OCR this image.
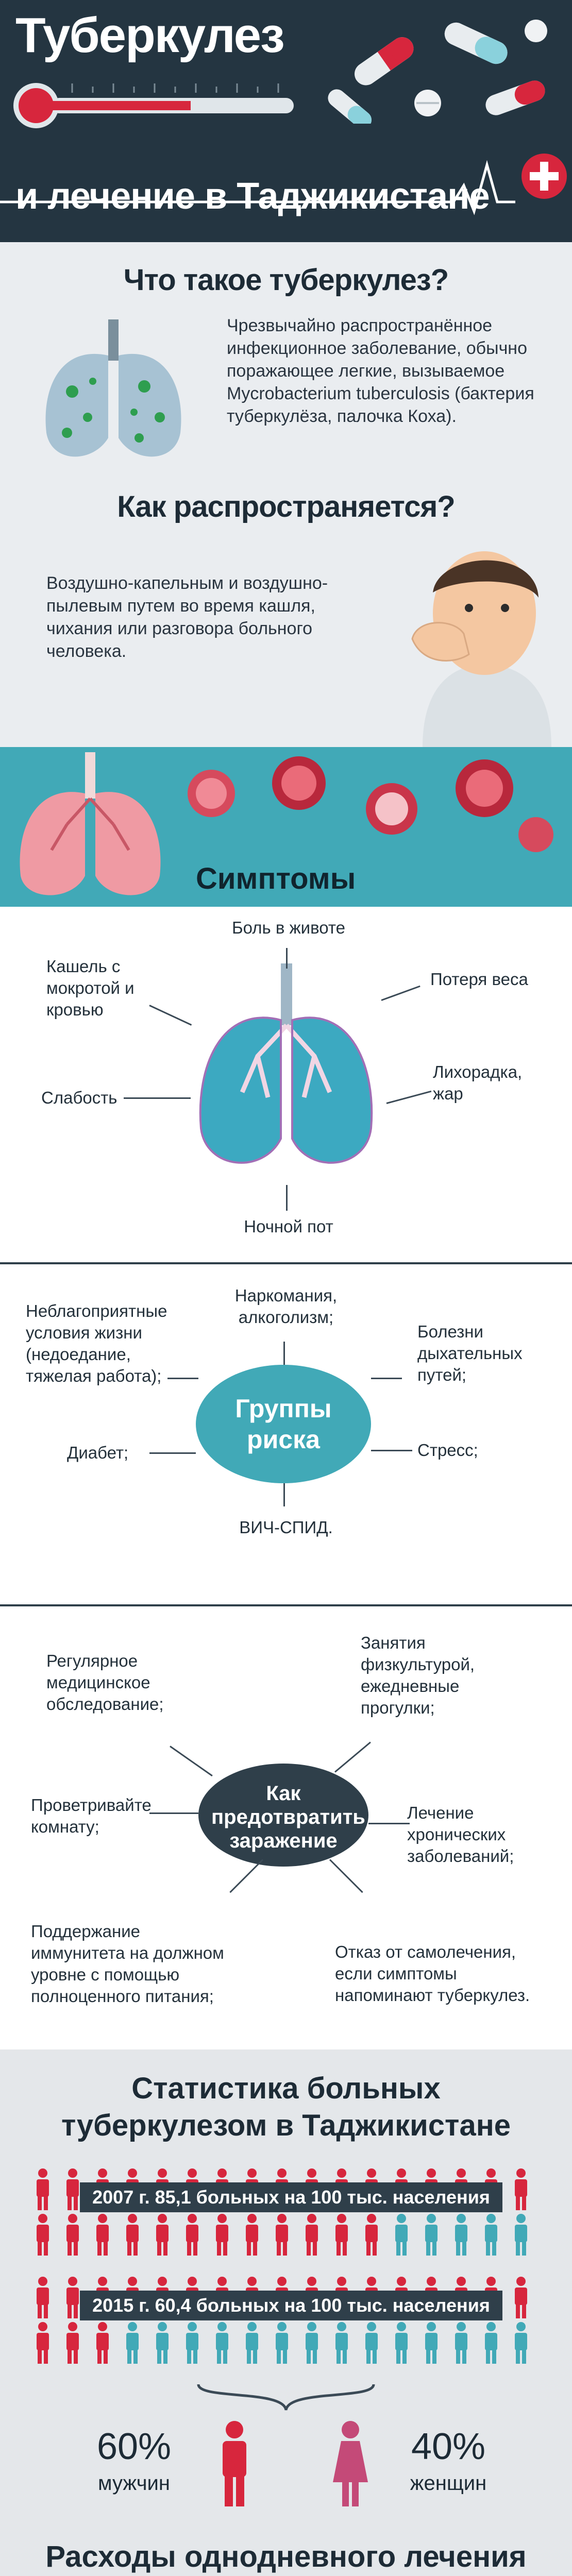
Туберкулез
и лечение в Таджикистане
Что такое туберкулез?
Чрезвычайно распространённое инфекционное заболевание, обычно поражающее легкие, вызываемое Mycrobacterium tuberculosis (бактерия туберкулёза, палочка Коха).
Как распространяется?
Воздушно-капельным и воздушно-пылевым путем во время кашля, чихания или разговора больного человека.
Симптомы
Боль в животе
Кашель с мокротой и кровью
Потеря веса
Слабость
Лихорадка, жар
Ночной пот
Группы риска
Наркомания, алкоголизм;
Неблагоприятные условия жизни (недоедание, тяжелая работа);
Болезни дыхательных путей;
Диабет;	Стресс;
ВИЧ-СПИД.
Как предотвратить заражение
Регулярное медицинское обследование;
Занятия физкультурой, ежедневные прогулки;
Проветривайте комнату;
Лечение хронических заболеваний;
Поддержание иммунитета на должном уровне с помощью полноценного питания;
Отказ от самолечения, если симптомы напоминают туберкулез.
Статистика больных туберкулезом в Таджикистане
2007 г. 85,1 больных на 100 тыс. населения
2015 г. 60,4 больных на 100 тыс. населения
60%
мужчин
40%
женщин
Расходы однодневного лечения
